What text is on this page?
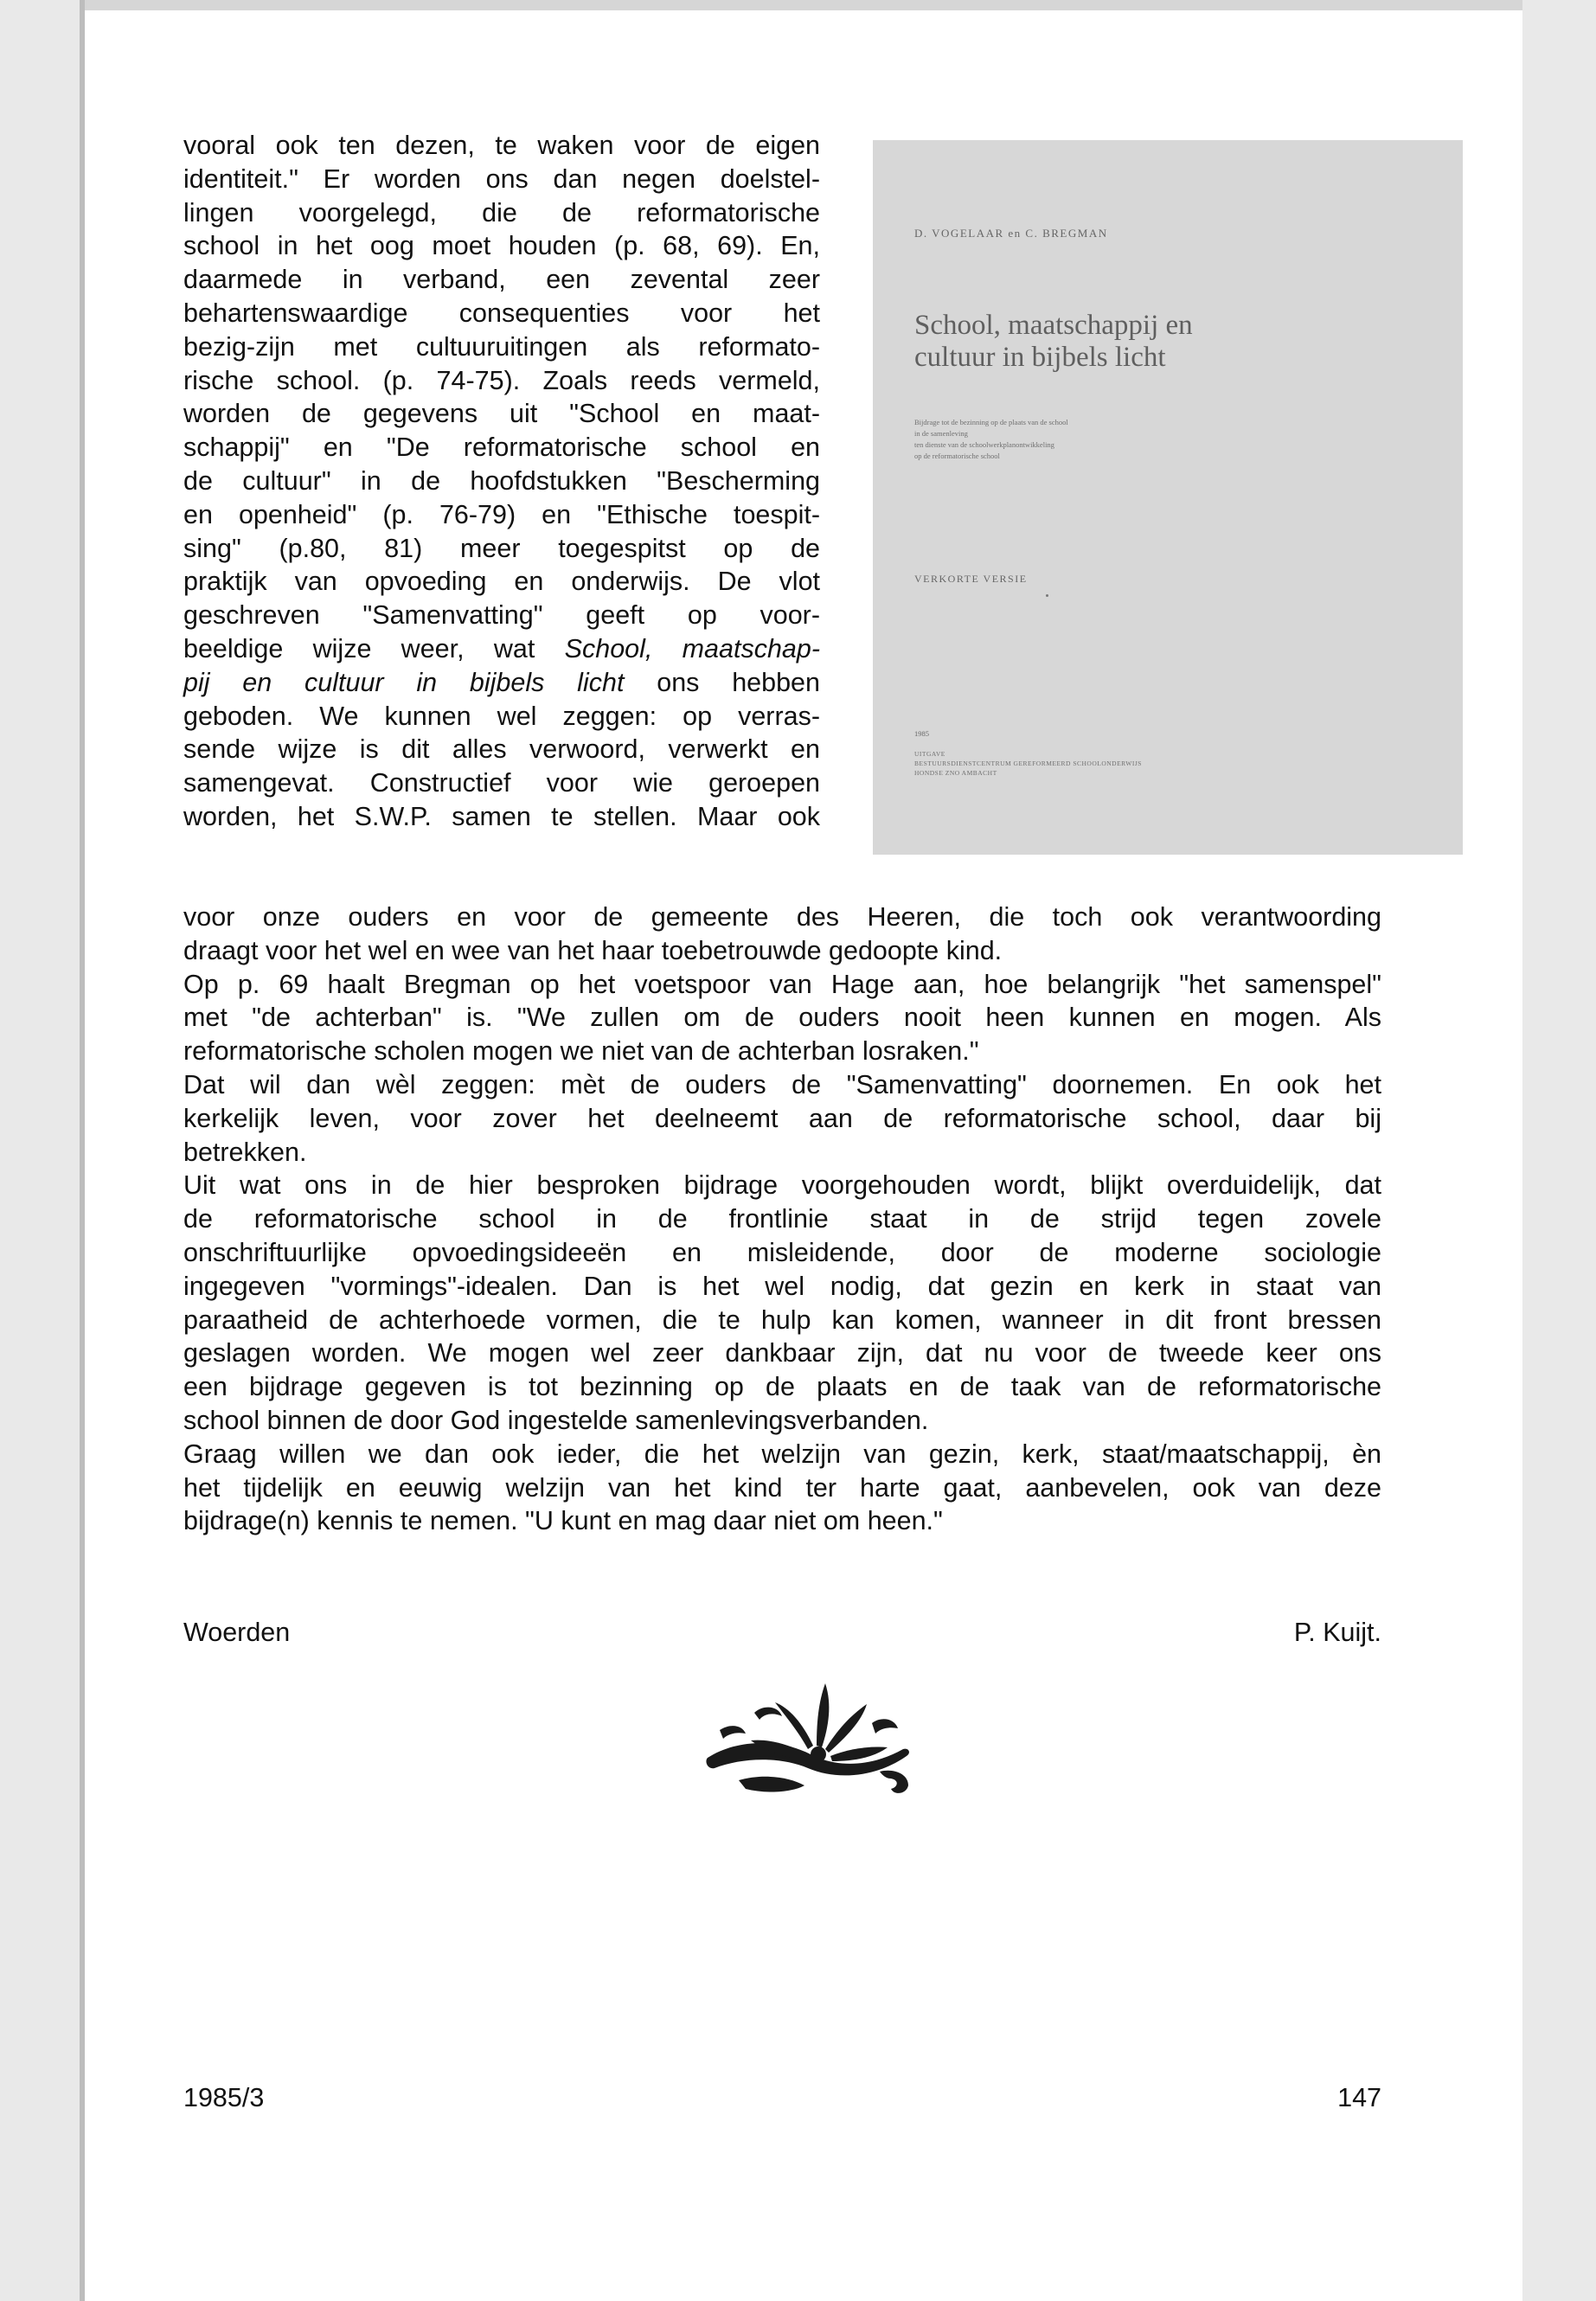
vooral ook ten dezen, te waken voor de eigen
identiteit." Er worden ons dan negen doelstel-
lingen voorgelegd, die de reformatorische
school in het oog moet houden (p. 68, 69). En,
daarmede in verband, een zevental zeer
behartenswaardige consequenties voor het
bezig-zijn met cultuuruitingen als reformato-
rische school. (p. 74-75). Zoals reeds vermeld,
worden de gegevens uit "School en maat-
schappij" en "De reformatorische school en
de cultuur" in de hoofdstukken "Bescherming
en openheid" (p. 76-79) en "Ethische toespit-
sing" (p.80, 81) meer toegespitst op de
praktijk van opvoeding en onderwijs. De vlot
geschreven "Samenvatting" geeft op voor-
beeldige wijze weer, wat School, maatschap-
pij en cultuur in bijbels licht ons hebben
geboden. We kunnen wel zeggen: op verras-
sende wijze is dit alles verwoord, verwerkt en
samengevat. Constructief voor wie geroepen
worden, het S.W.P. samen te stellen. Maar ook
D. VOGELAAR en C. BREGMAN
School, maatschappij en
cultuur in bijbels licht
Bijdrage tot de bezinning op de plaats van de school
in de samenleving
ten dienste van de schoolwerkplanontwikkeling
op de reformatorische school
VERKORTE VERSIE
1985
UITGAVE
BESTUURSDIENSTCENTRUM GEREFORMEERD SCHOOLONDERWIJS
HONDSE ZNO AMBACHT
voor onze ouders en voor de gemeente des Heeren, die toch ook verantwoording
draagt voor het wel en wee van het haar toebetrouwde gedoopte kind.
Op p. 69 haalt Bregman op het voetspoor van Hage aan, hoe belangrijk "het samenspel"
met "de achterban" is. "We zullen om de ouders nooit heen kunnen en mogen. Als
reformatorische scholen mogen we niet van de achterban losraken."
Dat wil dan wèl zeggen: mèt de ouders de "Samenvatting" doornemen. En ook het
kerkelijk leven, voor zover het deelneemt aan de reformatorische school, daar bij
betrekken.
Uit wat ons in de hier besproken bijdrage voorgehouden wordt, blijkt overduidelijk, dat
de reformatorische school in de frontlinie staat in de strijd tegen zovele
onschriftuurlijke opvoedingsideeën en misleidende, door de moderne sociologie
ingegeven "vormings"-idealen. Dan is het wel nodig, dat gezin en kerk in staat van
paraatheid de achterhoede vormen, die te hulp kan komen, wanneer in dit front bressen
geslagen worden. We mogen wel zeer dankbaar zijn, dat nu voor de tweede keer ons
een bijdrage gegeven is tot bezinning op de plaats en de taak van de reformatorische
school binnen de door God ingestelde samenlevingsverbanden.
Graag willen we dan ook ieder, die het welzijn van gezin, kerk, staat/maatschappij, èn
het tijdelijk en eeuwig welzijn van het kind ter harte gaat, aanbevelen, ook van deze
bijdrage(n) kennis te nemen. "U kunt en mag daar niet om heen."
Woerden	P. Kuijt.
1985/3	147
